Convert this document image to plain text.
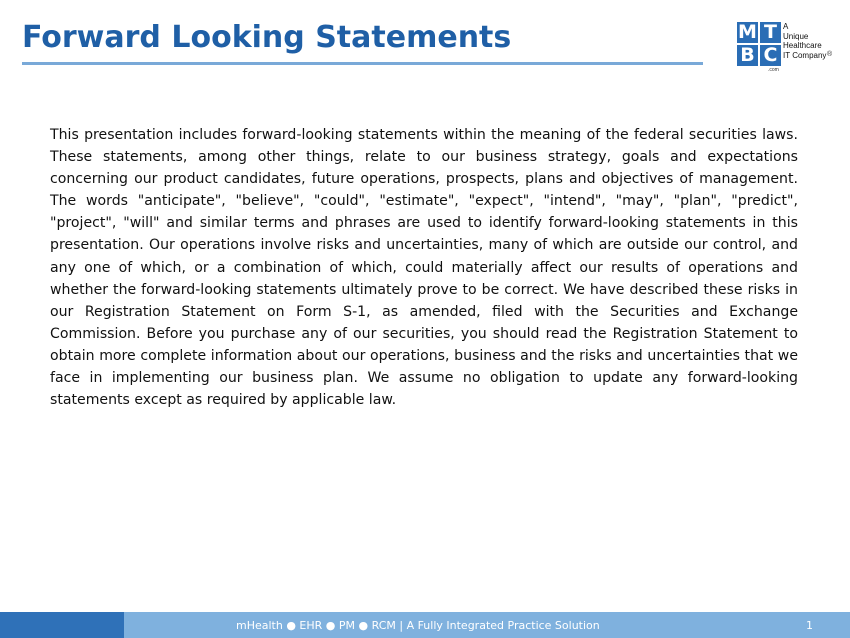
Forward Looking Statements	M T
B C
A
Unique
Healthcare
IT Company ®
.com

This presentation includes forward-looking statements within the meaning of the federal securities laws. These statements, among other things, relate to our business strategy, goals and expectations concerning our product candidates, future operations, prospects, plans and objectives of management. The words "anticipate", "believe", "could", "estimate", "expect", "intend", "may", "plan", "predict", "project", "will" and similar terms and phrases are used to identify forward-looking statements in this presentation. Our operations involve risks and uncertainties, many of which are outside our control, and any one of which, or a combination of which, could materially affect our results of operations and whether the forward-looking statements ultimately prove to be correct. We have described these risks in our Registration Statement on Form S-1, as amended, filed with the Securities and Exchange Commission. Before you purchase any of our securities, you should read the Registration Statement to obtain more complete information about our operations, business and the risks and uncertainties that we face in implementing our business plan. We assume no obligation to update any forward-looking statements except as required by applicable law.

mHealth ● EHR ● PM ● RCM | A Fully Integrated Practice Solution	1
